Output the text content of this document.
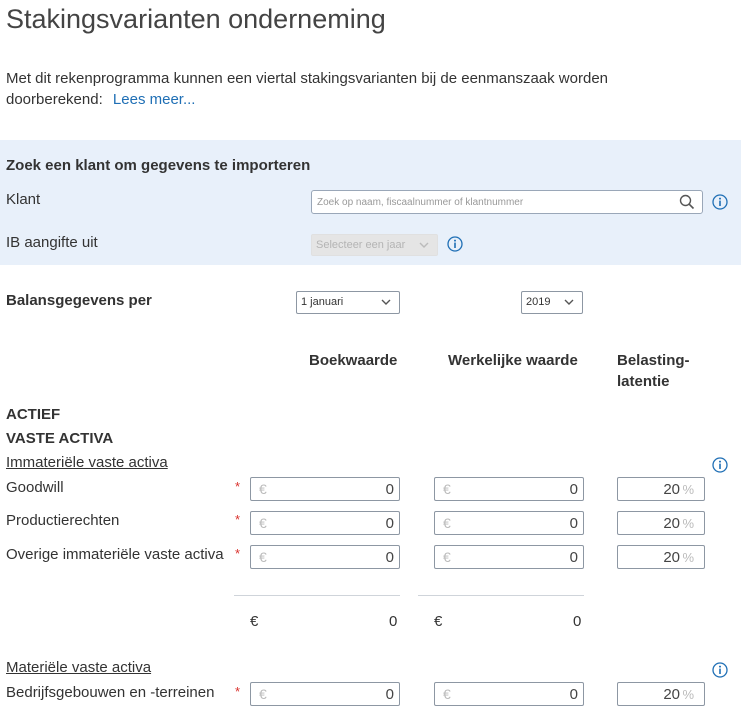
Stakingsvarianten onderneming
Met dit rekenprogramma kunnen een viertal stakingsvarianten bij de eenmanszaak worden doorberekend: Lees meer...
Zoek een klant om gegevens te importeren
Klant
Zoek op naam, fiscaalnummer of klantnummer
IB aangifte uit	Selecteer een jaar
Balansgegevens per	1 januari	2019
Boekwaarde	Werkelijke waarde	Belasting-
latentie
ACTIEF
VASTE ACTIVA
Immateriële vaste activa
Goodwill	* €	0	€	0	20 %
Productierechten	* €	0	€	0	20 %
Overige immateriële vaste activa * €	0	€	0	20 %
€	0 €	0
Materiële vaste activa
Bedrijfsgebouwen en -terreinen * €	0	€	0	20 %
